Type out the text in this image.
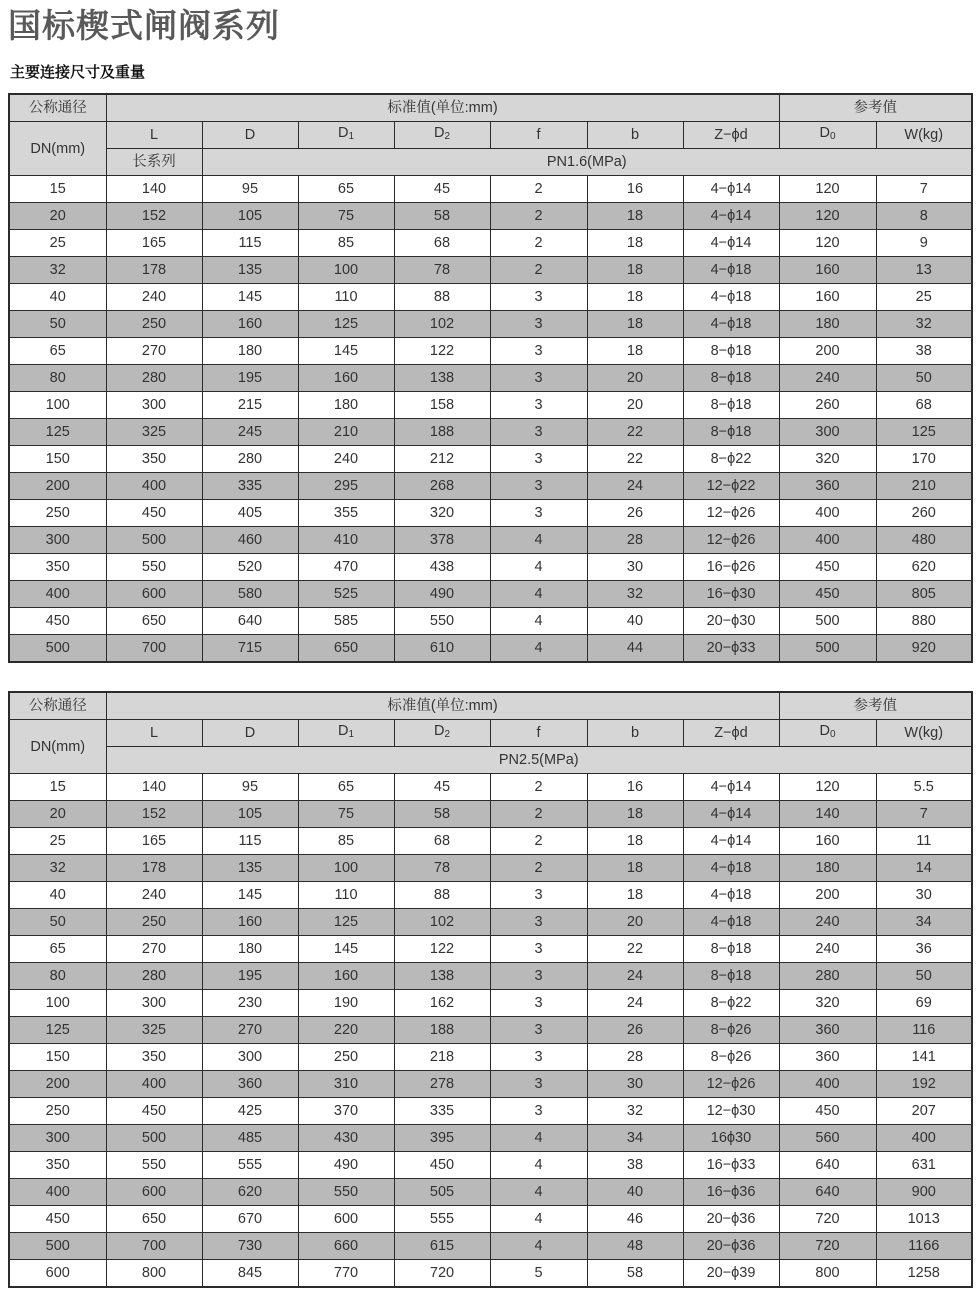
国标楔式闸阀系列
主要连接尺寸及重量
公称通径	标准值(单位:mm)							参考值	
DN(mm)	L	D	$D_1$	$D_2$	f	b	Z−ϕd	$D_0$	W(kg)
	长系列	PN1.6(MPa)							
15	140	95	65	45	2	16	4−ϕ14	120	7
20	152	105	75	58	2	18	4−ϕ14	120	8
25	165	115	85	68	2	18	4−ϕ14	120	9
32	178	135	100	78	2	18	4−ϕ18	160	13
40	240	145	110	88	3	18	4−ϕ18	160	25
50	250	160	125	102	3	18	4−ϕ18	180	32
65	270	180	145	122	3	18	8−ϕ18	200	38
80	280	195	160	138	3	20	8−ϕ18	240	50
100	300	215	180	158	3	20	8−ϕ18	260	68
125	325	245	210	188	3	22	8−ϕ18	300	125
150	350	280	240	212	3	22	8−ϕ22	320	170
200	400	335	295	268	3	24	12−ϕ22	360	210
250	450	405	355	320	3	26	12−ϕ26	400	260
300	500	460	410	378	4	28	12−ϕ26	400	480
350	550	520	470	438	4	30	16−ϕ26	450	620
400	600	580	525	490	4	32	16−ϕ30	450	805
450	650	640	585	550	4	40	20−ϕ30	500	880
500	700	715	650	610	4	44	20−ϕ33	500	920
公称通径	标准值(单位:mm)							参考值	
DN(mm)	L	D	$D_1$	$D_2$	f	b	Z−ϕd	$D_0$	W(kg)
	PN2.5(MPa)								
15	140	95	65	45	2	16	4−ϕ14	120	5.5
20	152	105	75	58	2	18	4−ϕ14	140	7
25	165	115	85	68	2	18	4−ϕ14	160	11
32	178	135	100	78	2	18	4−ϕ18	180	14
40	240	145	110	88	3	18	4−ϕ18	200	30
50	250	160	125	102	3	20	4−ϕ18	240	34
65	270	180	145	122	3	22	8−ϕ18	240	36
80	280	195	160	138	3	24	8−ϕ18	280	50
100	300	230	190	162	3	24	8−ϕ22	320	69
125	325	270	220	188	3	26	8−ϕ26	360	116
150	350	300	250	218	3	28	8−ϕ26	360	141
200	400	360	310	278	3	30	12−ϕ26	400	192
250	450	425	370	335	3	32	12−ϕ30	450	207
300	500	485	430	395	4	34	16ϕ30	560	400
350	550	555	490	450	4	38	16−ϕ33	640	631
400	600	620	550	505	4	40	16−ϕ36	640	900
450	650	670	600	555	4	46	20−ϕ36	720	1013
500	700	730	660	615	4	48	20−ϕ36	720	1166
600	800	845	770	720	5	58	20−ϕ39	800	1258
